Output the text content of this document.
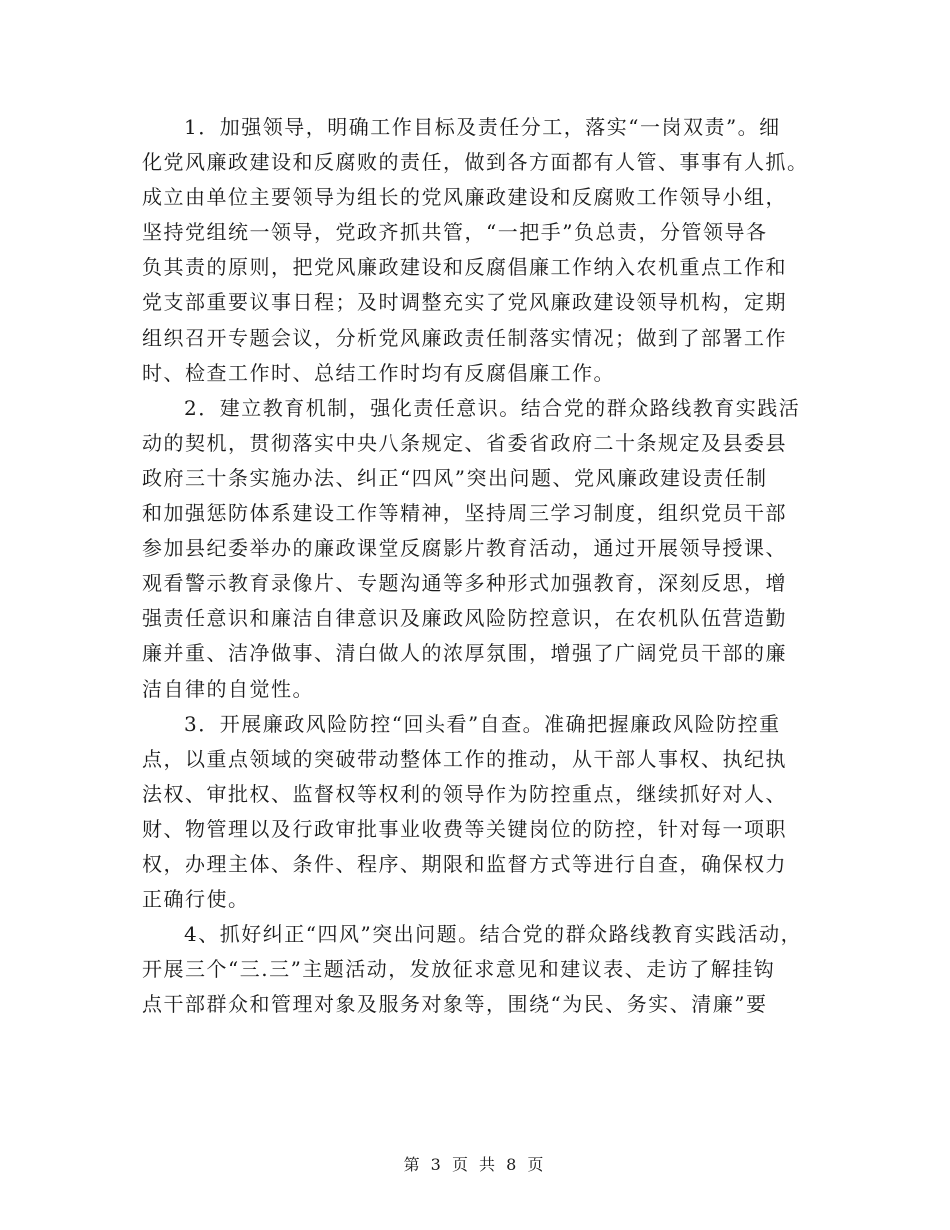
1．加强领导，明确工作目标及责任分工，落实“一岗双责”。细
化党风廉政建设和反腐败的责任，做到各方面都有人管、事事有人抓。
成立由单位主要领导为组长的党风廉政建设和反腐败工作领导小组，
坚持党组统一领导，党政齐抓共管，“一把手”负总责，分管领导各
负其责的原则，把党风廉政建设和反腐倡廉工作纳入农机重点工作和
党支部重要议事日程；及时调整充实了党风廉政建设领导机构，定期
组织召开专题会议，分析党风廉政责任制落实情况；做到了部署工作
时、检查工作时、总结工作时均有反腐倡廉工作。
2．建立教育机制，强化责任意识。结合党的群众路线教育实践活
动的契机，贯彻落实中央八条规定、省委省政府二十条规定及县委县
政府三十条实施办法、纠正“四风”突出问题、党风廉政建设责任制
和加强惩防体系建设工作等精神，坚持周三学习制度，组织党员干部
参加县纪委举办的廉政课堂反腐影片教育活动，通过开展领导授课、
观看警示教育录像片、专题沟通等多种形式加强教育，深刻反思，增
强责任意识和廉洁自律意识及廉政风险防控意识，在农机队伍营造勤
廉并重、洁净做事、清白做人的浓厚氛围，增强了广阔党员干部的廉
洁自律的自觉性。
3．开展廉政风险防控“回头看”自查。准确把握廉政风险防控重
点，以重点领域的突破带动整体工作的推动，从干部人事权、执纪执
法权、审批权、监督权等权利的领导作为防控重点，继续抓好对人、
财、物管理以及行政审批事业收费等关键岗位的防控，针对每一项职
权，办理主体、条件、程序、期限和监督方式等进行自查，确保权力
正确行使。
4、抓好纠正“四风”突出问题。结合党的群众路线教育实践活动，
开展三个“三.三”主题活动，发放征求意见和建议表、走访了解挂钩
点干部群众和管理对象及服务对象等，围绕“为民、务实、清廉”要
第 3 页 共 8 页
